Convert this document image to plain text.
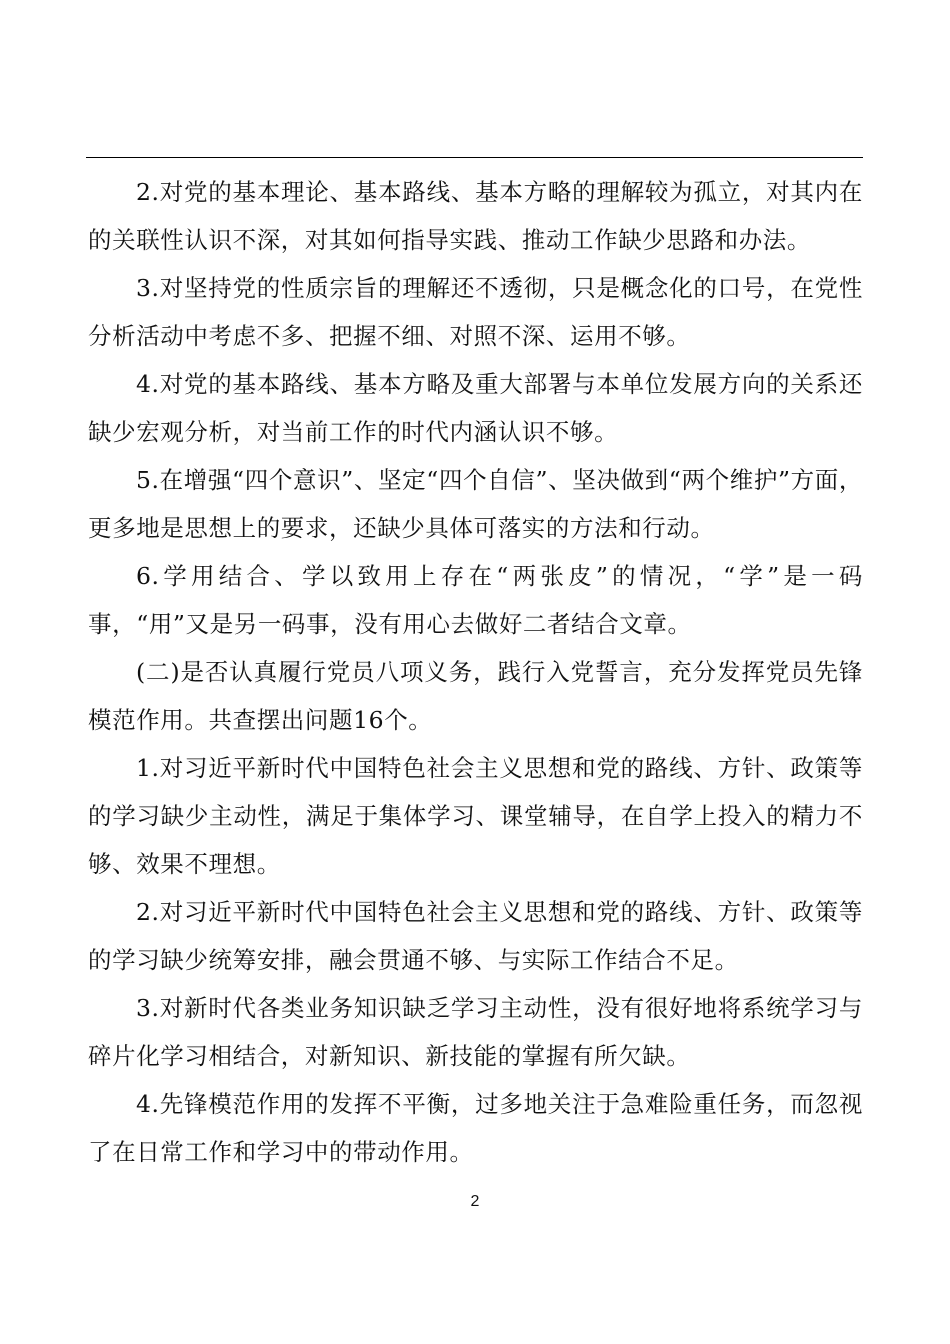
2.对党的基本理论、基本路线、基本方略的理解较为孤立，对其内在的关联性认识不深，对其如何指导实践、推动工作缺少思路和办法。

3.对坚持党的性质宗旨的理解还不透彻，只是概念化的口号，在党性分析活动中考虑不多、把握不细、对照不深、运用不够。

4.对党的基本路线、基本方略及重大部署与本单位发展方向的关系还缺少宏观分析，对当前工作的时代内涵认识不够。

5.在增强“四个意识”、坚定“四个自信”、坚决做到“两个维护”方面，更多地是思想上的要求，还缺少具体可落实的方法和行动。

6.学用结合、学以致用上存在“两张皮”的情况，“学”是一码事，“用”又是另一码事，没有用心去做好二者结合文章。

(二)是否认真履行党员八项义务，践行入党誓言，充分发挥党员先锋模范作用。共查摆出问题16个。

1.对习近平新时代中国特色社会主义思想和党的路线、方针、政策等的学习缺少主动性，满足于集体学习、课堂辅导，在自学上投入的精力不够、效果不理想。

2.对习近平新时代中国特色社会主义思想和党的路线、方针、政策等的学习缺少统筹安排，融会贯通不够、与实际工作结合不足。

3.对新时代各类业务知识缺乏学习主动性，没有很好地将系统学习与碎片化学习相结合，对新知识、新技能的掌握有所欠缺。

4.先锋模范作用的发挥不平衡，过多地关注于急难险重任务，而忽视了在日常工作和学习中的带动作用。

2
